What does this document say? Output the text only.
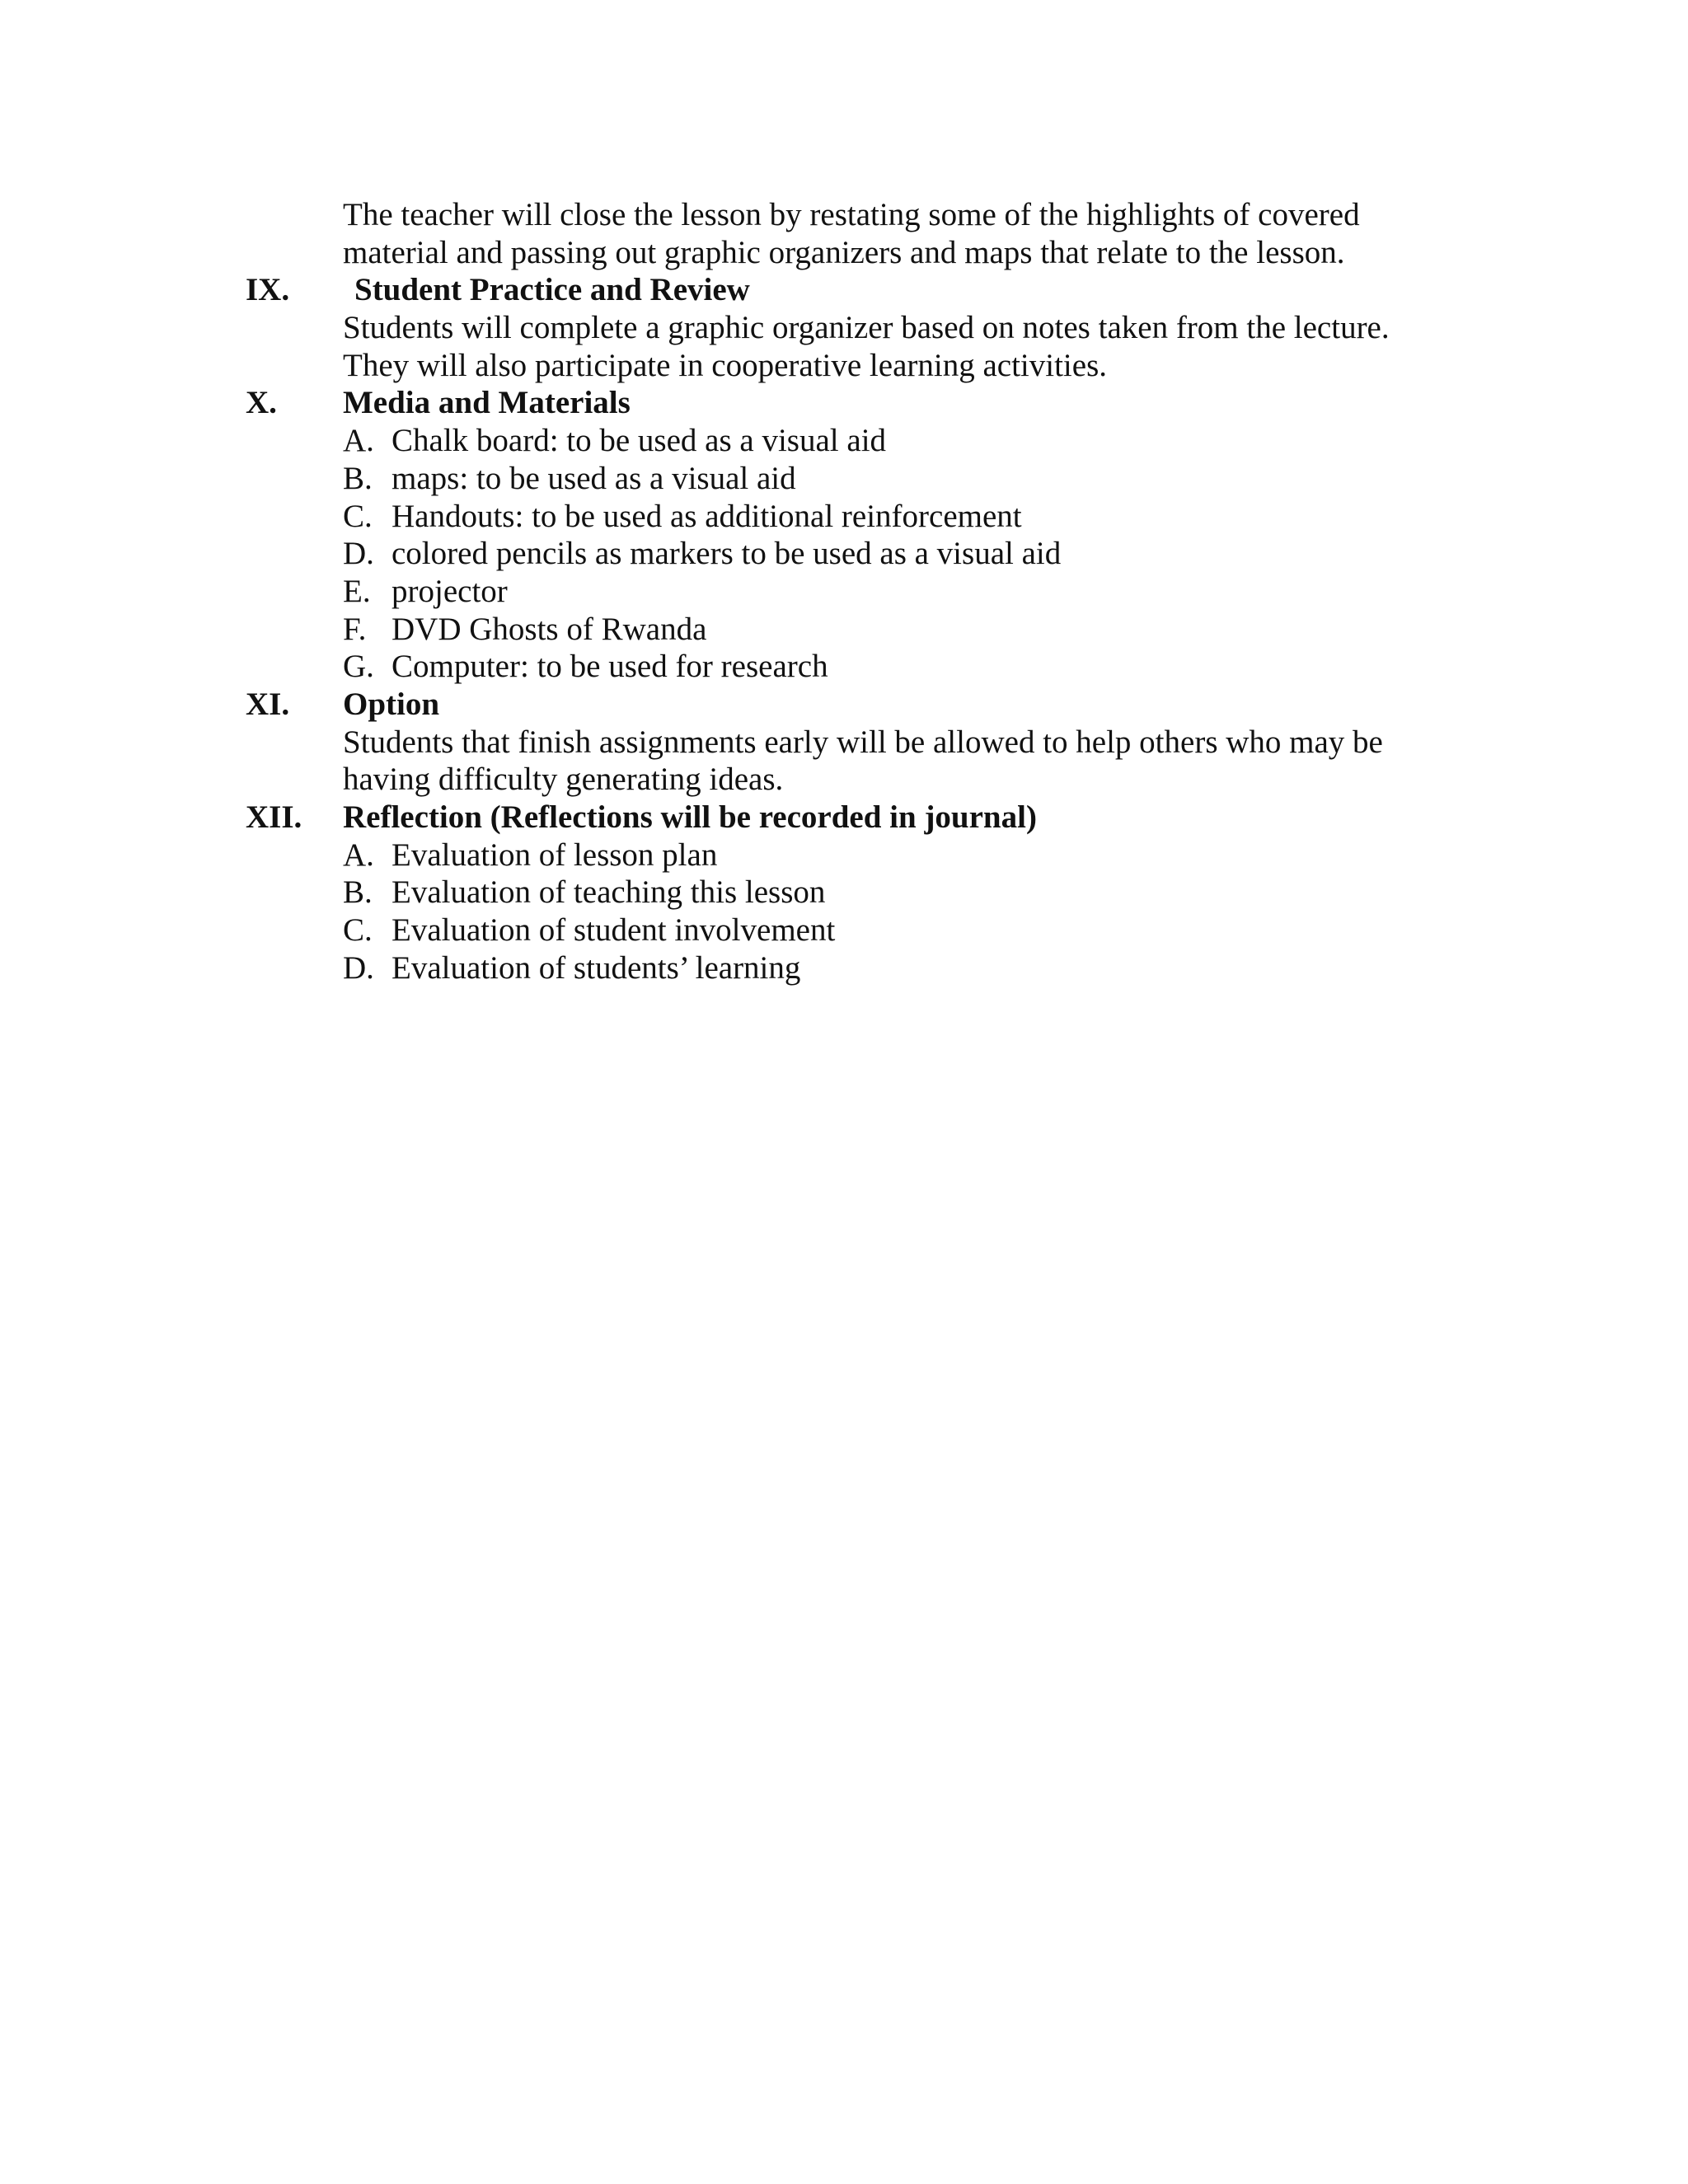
The teacher will close the lesson by restating some of the highlights of covered
material and passing out graphic organizers and maps that relate to the lesson.
IX. Student Practice and Review
Students will complete a graphic organizer based on notes taken from the lecture.
They will also participate in cooperative learning activities.
X. Media and Materials
A. Chalk board: to be used as a visual aid
B. maps: to be used as a visual aid
C. Handouts: to be used as additional reinforcement
D. colored pencils as markers to be used as a visual aid
E. projector
F. DVD Ghosts of Rwanda
G. Computer: to be used for research
XI. Option
Students that finish assignments early will be allowed to help others who may be
having difficulty generating ideas.
XII. Reflection (Reflections will be recorded in journal)
A. Evaluation of lesson plan
B. Evaluation of teaching this lesson
C. Evaluation of student involvement
D. Evaluation of students’ learning
